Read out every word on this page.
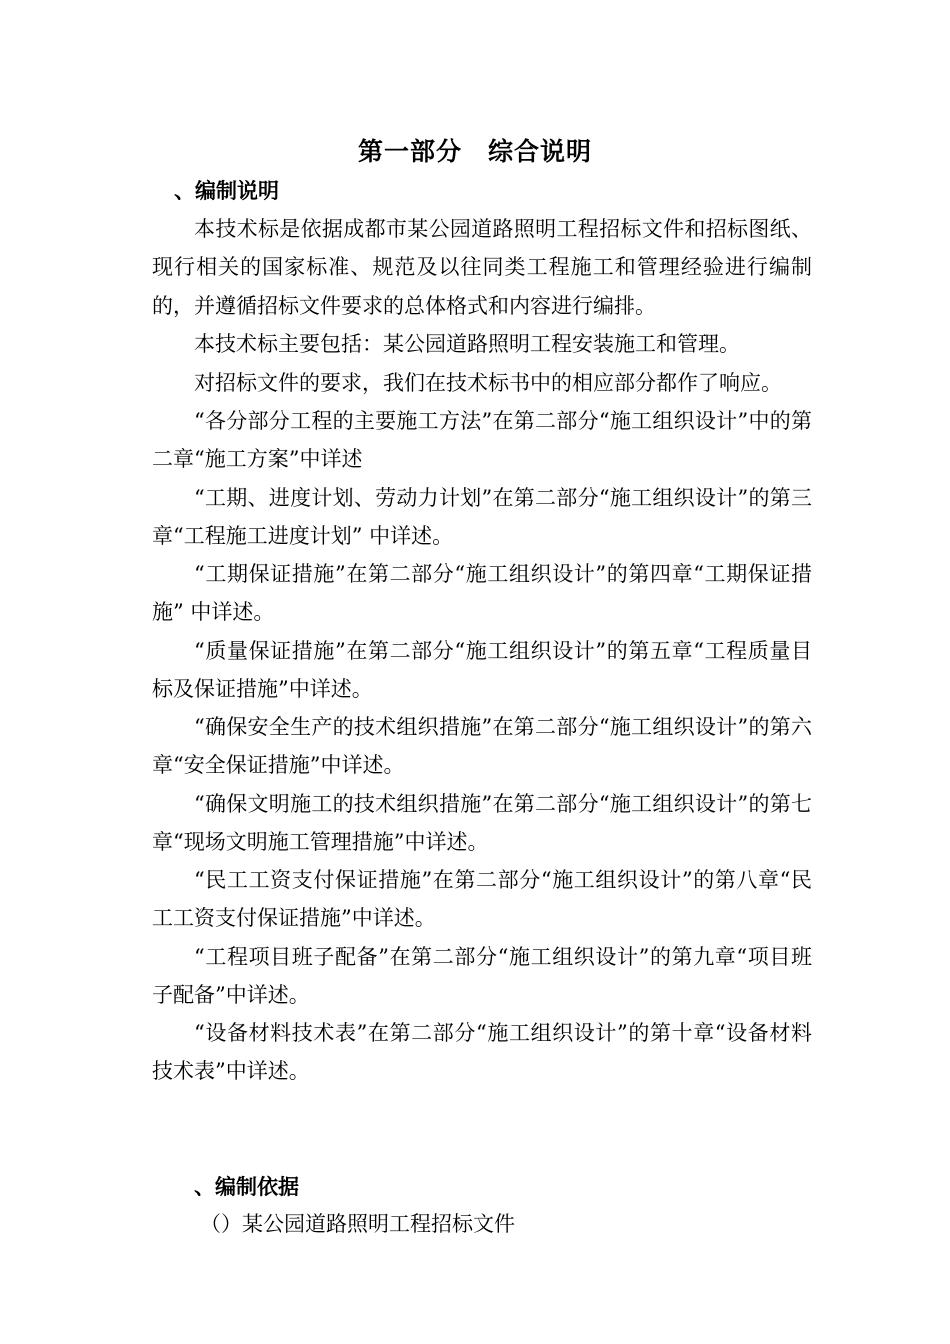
第一部分　综合说明
、编制说明

本技术标是依据成都市某公园道路照明工程招标文件和招标图纸、现行相关的国家标准、规范及以往同类工程施工和管理经验进行编制的，并遵循招标文件要求的总体格式和内容进行编排。

本技术标主要包括：某公园道路照明工程安装施工和管理。

对招标文件的要求，我们在技术标书中的相应部分都作了响应。

“各分部分工程的主要施工方法”在第二部分“施工组织设计”中的第二章“施工方案”中详述

“工期、进度计划、劳动力计划”在第二部分“施工组织设计”的第三章“工程施工进度计划” 中详述。

“工期保证措施”在第二部分“施工组织设计”的第四章“工期保证措施” 中详述。

“质量保证措施”在第二部分“施工组织设计”的第五章“工程质量目标及保证措施”中详述。

“确保安全生产的技术组织措施”在第二部分“施工组织设计”的第六章“安全保证措施”中详述。

“确保文明施工的技术组织措施”在第二部分“施工组织设计”的第七章“现场文明施工管理措施”中详述。

“民工工资支付保证措施”在第二部分“施工组织设计”的第八章“民工工资支付保证措施”中详述。

“工程项目班子配备”在第二部分“施工组织设计”的第九章“项目班子配备”中详述。

“设备材料技术表”在第二部分“施工组织设计”的第十章“设备材料技术表”中详述。

、编制依据
（）某公园道路照明工程招标文件
